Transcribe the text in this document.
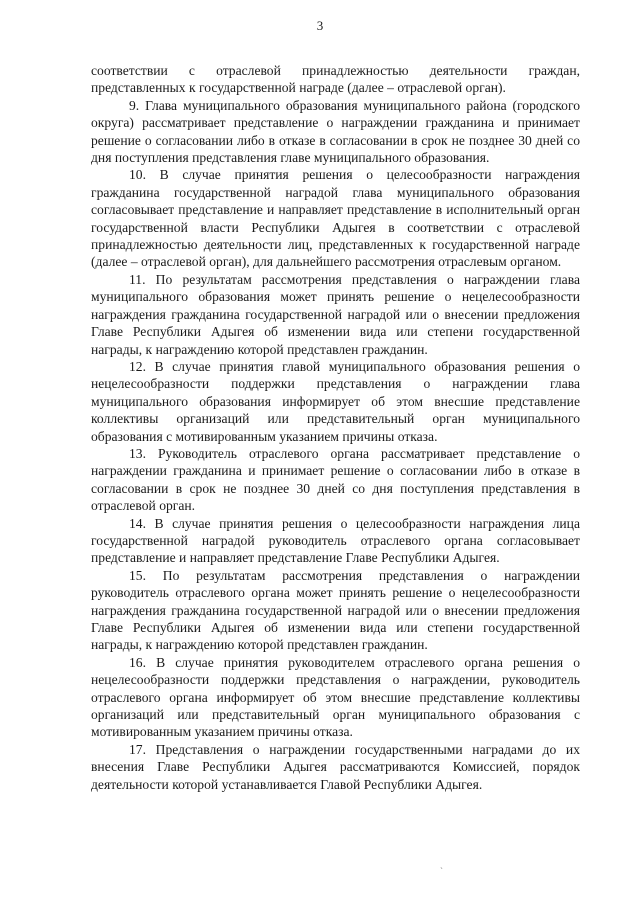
3

соответствии с отраслевой принадлежностью деятельности граждан, представленных к государственной награде (далее – отраслевой орган).

9. Глава муниципального образования муниципального района (городского округа) рассматривает представление о награждении гражданина и принимает решение о согласовании либо в отказе в согласовании в срок не позднее 30 дней со дня поступления представления главе муниципального образования.

10. В случае принятия решения о целесообразности награждения гражданина государственной наградой глава муниципального образования согласовывает представление и направляет представление в исполнительный орган государственной власти Республики Адыгея в соответствии с отраслевой принадлежностью деятельности лиц, представленных к государственной награде (далее – отраслевой орган), для дальнейшего рассмотрения отраслевым органом.

11. По результатам рассмотрения представления о награждении глава муниципального образования может принять решение о нецелесообразности награждения гражданина государственной наградой или о внесении предложения Главе Республики Адыгея об изменении вида или степени государственной награды, к награждению которой представлен гражданин.

12. В случае принятия главой муниципального образования решения о нецелесообразности поддержки представления о награждении глава муниципального образования информирует об этом внесшие представление коллективы организаций или представительный орган муниципального образования с мотивированным указанием причины отказа.

13. Руководитель отраслевого органа рассматривает представление о награждении гражданина и принимает решение о согласовании либо в отказе в согласовании в срок не позднее 30 дней со дня поступления представления в отраслевой орган.

14. В случае принятия решения о целесообразности награждения лица государственной наградой руководитель отраслевого органа согласовывает представление и направляет представление Главе Республики Адыгея.

15. По результатам рассмотрения представления о награждении руководитель отраслевого органа может принять решение о нецелесообразности награждения гражданина государственной наградой или о внесении предложения Главе Республики Адыгея об изменении вида или степени государственной награды, к награждению которой представлен гражданин.

16. В случае принятия руководителем отраслевого органа решения о нецелесообразности поддержки представления о награждении, руководитель отраслевого органа информирует об этом внесшие представление коллективы организаций или представительный орган муниципального образования с мотивированным указанием причины отказа.

17. Представления о награждении государственными наградами до их внесения Главе Республики Адыгея рассматриваются Комиссией, порядок деятельности которой устанавливается Главой Республики Адыгея.

`
